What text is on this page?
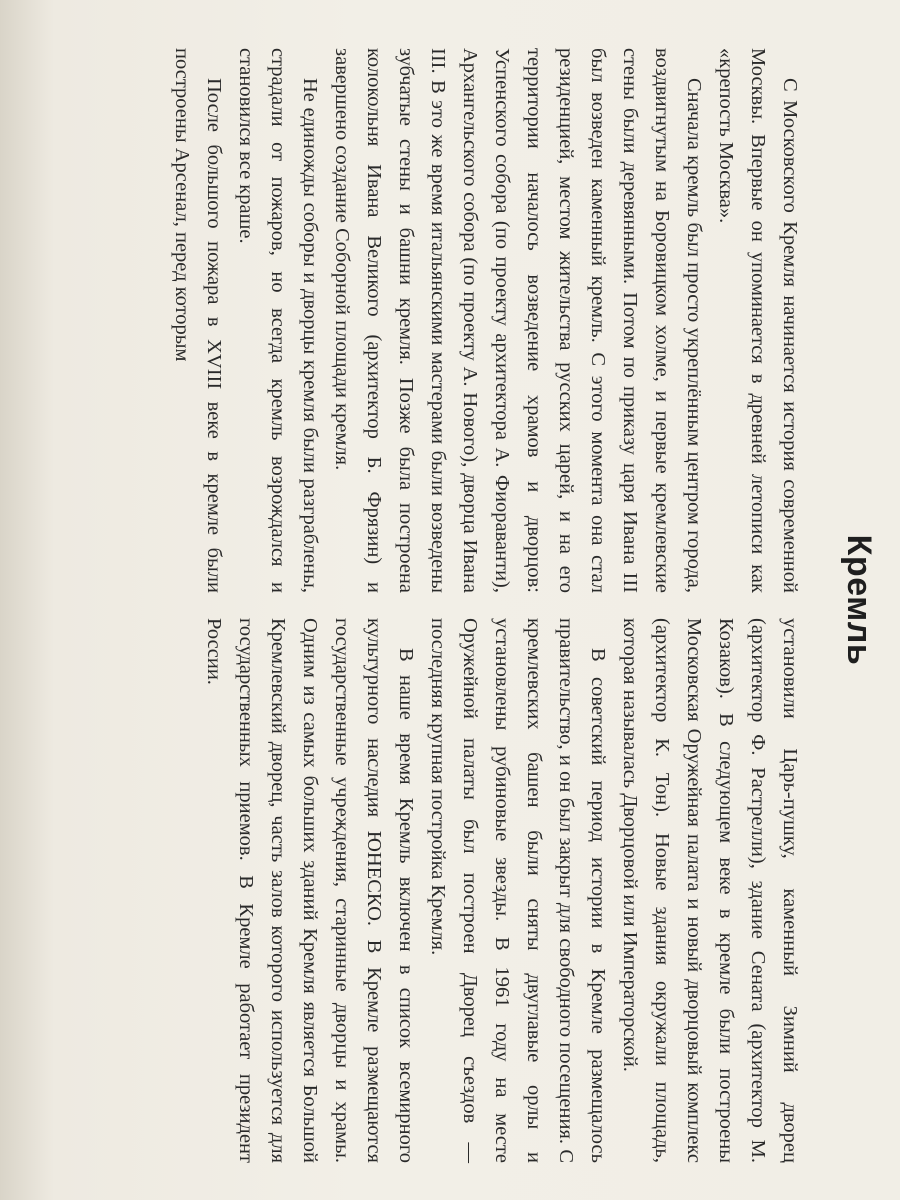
Кремль

С Московского Кремля начинается история современной Москвы. Впервые он упоминается в древней летописи как «крепость Москва».

Сначала кремль был просто укреплённым центром города, воздвигнутым на Боровицком холме, и первые кремлевские стены были деревянными. Потом по приказу царя Ивана III был возведен каменный кремль. С этого момента она стал резиденцией, местом жительства русских царей, и на его территории началось возведение храмов и дворцов: Успенского собора (по проекту архитектора А. Фиораванти), Архангельского собора (по проекту А. Нового), дворца Ивана III. В это же время итальянскими мастерами были возведены зубчатые стены и башни кремля. Позже была построена колокольня Ивана Великого (архитектор Б. Фрязин) и завершено создание Соборной площади кремля.

Не единожды соборы и дворцы кремля были разграблены, страдали от пожаров, но всегда кремль возрождался и становился все краше.

После большого пожара в XVIII веке в кремле были построены Арсенал, перед которым

установили Царь-пушку, каменный Зимний дворец (архитектор Ф. Растрелли), здание Сената (архитектор М. Козаков). В следующем веке в кремле были построены Московская Оружейная палата и новый дворцовый комплекс (архитектор К. Тон). Новые здания окружали площадь, которая называлась Дворцовой или Императорской.

В советский период истории в Кремле размещалось правительство, и он был закрыт для свободного посещения. С кремлевских башен были сняты двуглавые орлы и установлены рубиновые звезды. В 1961 году на месте Оружейной палаты был построен Дворец съездов — последняя крупная постройка Кремля.

В наше время Кремль включен в список всемирного культурного наследия ЮНЕСКО. В Кремле размещаются государственные учреждения, старинные дворцы и храмы. Одним из самых больших зданий Кремля является Большой Кремлевский дворец, часть залов которого используется для государственных приемов. В Кремле работает президент России.
